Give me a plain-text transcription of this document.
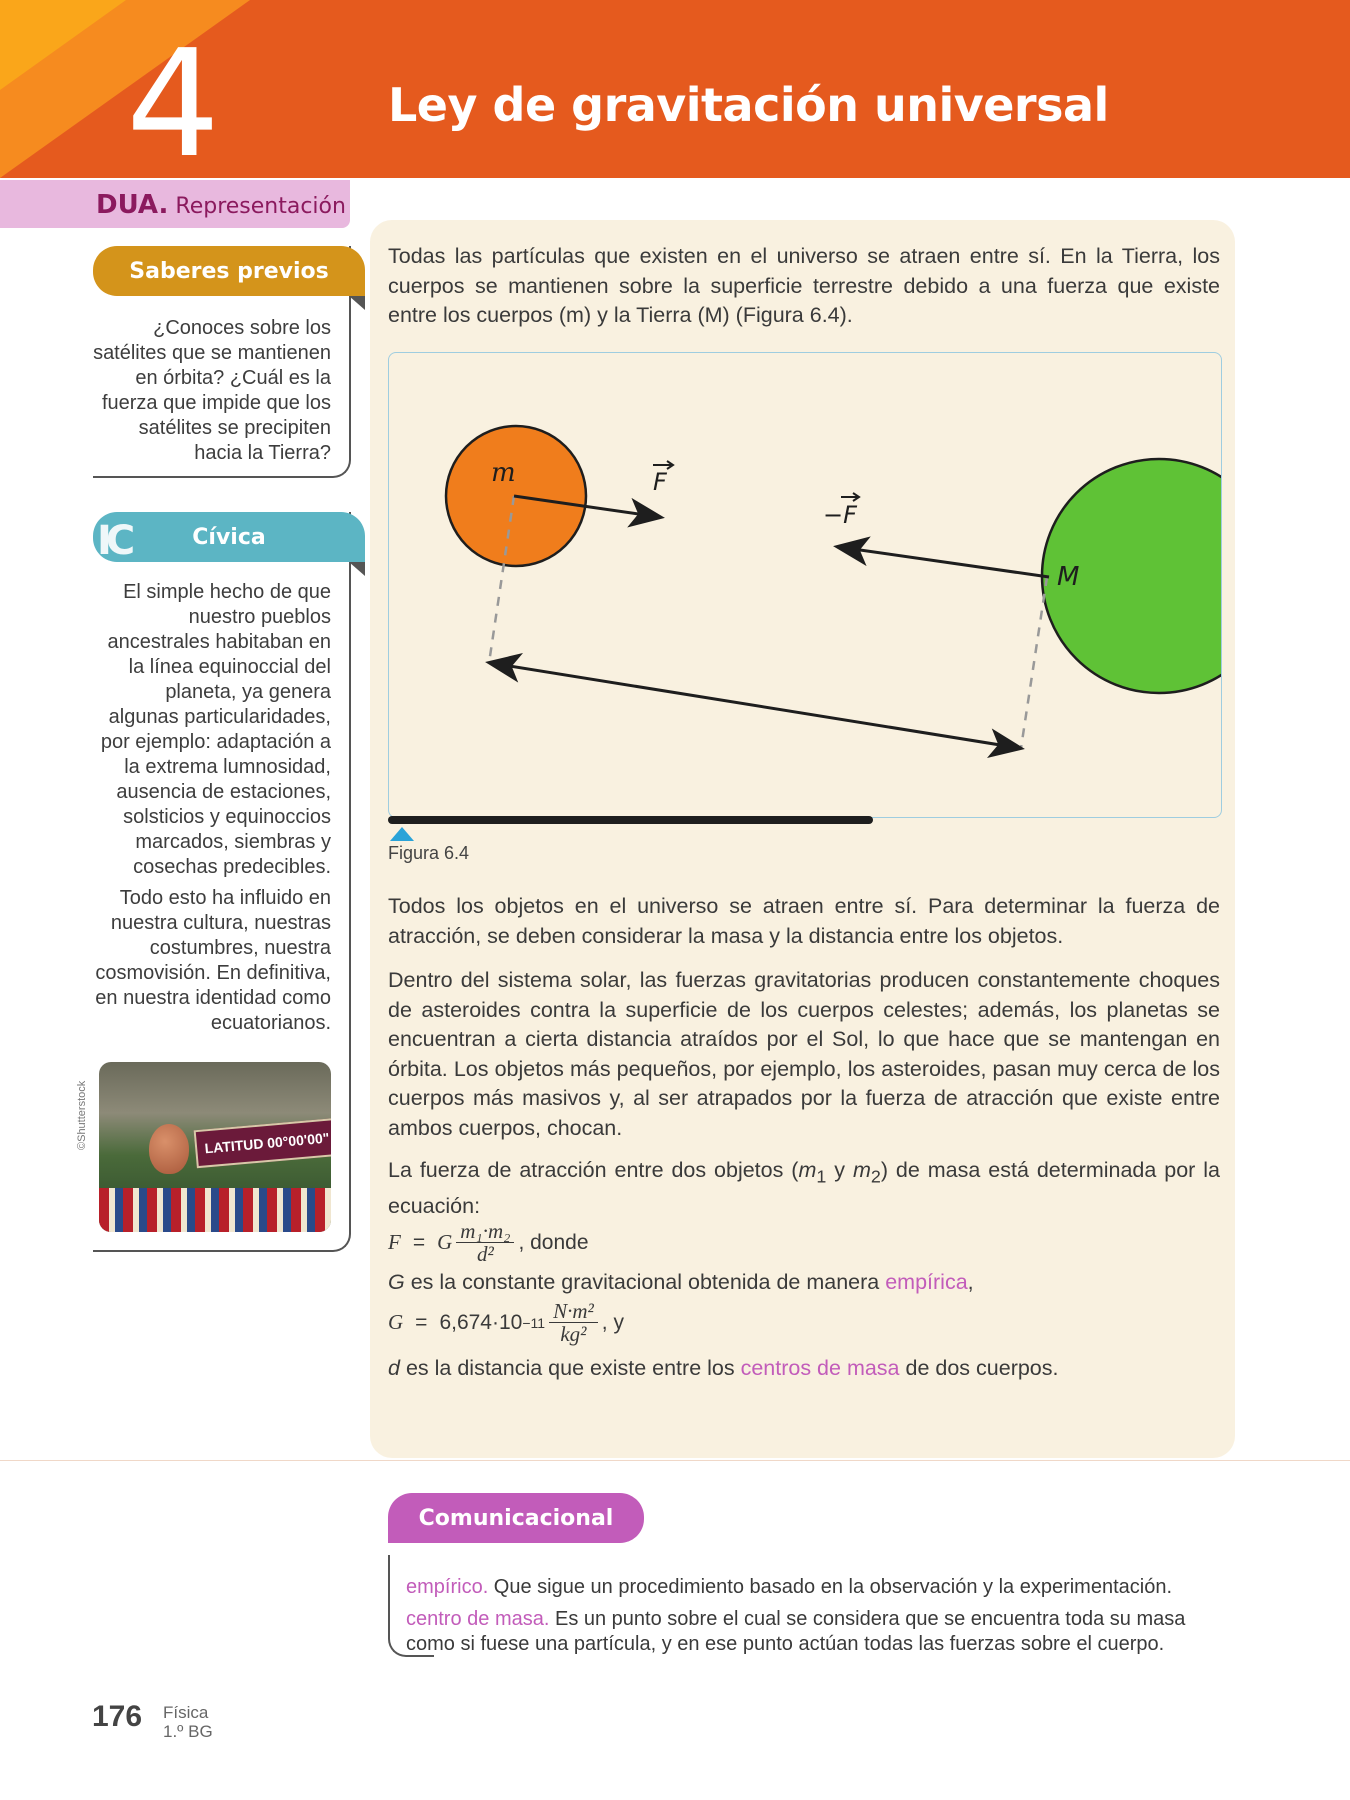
4	Ley de gravitación universal
DUA. Representación
Saberes previos
¿Conoces sobre los satélites que se mantienen en órbita? ¿Cuál es la fuerza que impide que los satélites se precipiten hacia la Tierra?
IC	Cívica

El simple hecho de que nuestro pueblos ancestrales habitaban en la línea equinoccial del planeta, ya genera algunas particularidades, por ejemplo: adaptación a la extrema lumnosidad, ausencia de estaciones, solsticios y equinoccios marcados, siembras y cosechas predecibles.

Todo esto ha influido en nuestra cultura, nuestras costumbres, nuestra cosmovisión. En definitiva, en nuestra identidad como ecuatorianos.

LATITUD 00°00'00"
©Shutterstock

Todas las partículas que existen en el universo se atraen entre sí. En la Tierra, los cuerpos se mantienen sobre la superficie terrestre debido a una fuerza que existe entre los cuerpos (m) y la Tierra (M) (Figura 6.4).

m
M
F
−F
Figura 6.4

Todos los objetos en el universo se atraen entre sí. Para determinar la fuerza de atracción, se deben considerar la masa y la distancia entre los objetos.

Dentro del sistema solar, las fuerzas gravitatorias producen constantemente choques de asteroides contra la superficie de los cuerpos celestes; además, los planetas se encuentran a cierta distancia atraídos por el Sol, lo que hace que se mantengan en órbita. Los objetos más pequeños, por ejemplo, los asteroides, pasan muy cerca de los cuerpos más masivos y, al ser atrapados por la fuerza de atracción que existe entre ambos cuerpos, chocan.

La fuerza de atracción entre dos objetos ($m_1$ y $m_2$) de masa está determinada por la ecuación:

F = G $\frac{\text{m₁·m₂}}{\text{d²}}$ , donde

G es la constante gravitacional obtenida de manera empírica,

$G = 6,674\cdot 10 -11 \frac{\text{N·m²}}{\text{kg²}}$ , y

d es la distancia que existe entre los centros de masa de dos cuerpos.

Comunicacional
empírico. Que sigue un procedimiento basado en la observación y la experimentación.
centro de masa. Es un punto sobre el cual se considera que se encuentra toda su masa como si fuese una partícula, y en ese punto actúan todas las fuerzas sobre el cuerpo.
176 Física
1.º BG
